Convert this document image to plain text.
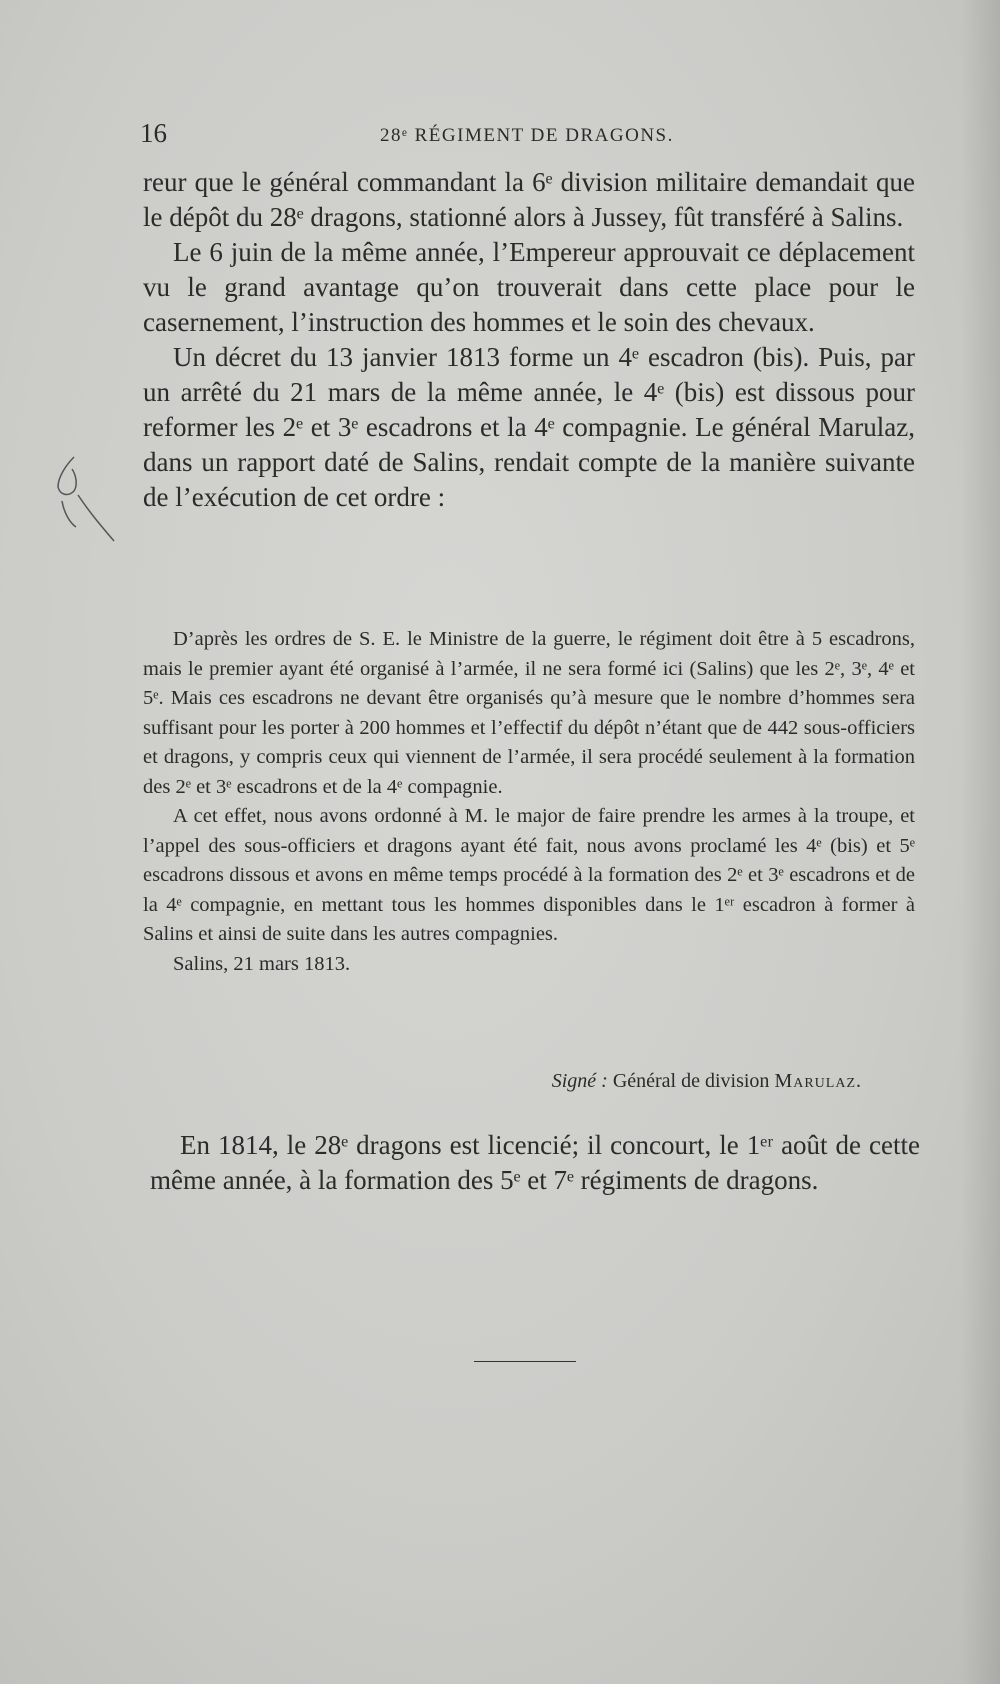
16	28ᵉ RÉGIMENT DE DRAGONS.

reur que le général commandant la 6ᵉ division militaire demandait que le dépôt du 28ᵉ dragons, stationné alors à Jussey, fût transféré à Salins.

Le 6 juin de la même année, l’Empereur approuvait ce déplacement vu le grand avantage qu’on trouverait dans cette place pour le casernement, l’instruction des hommes et le soin des chevaux.

Un décret du 13 janvier 1813 forme un 4ᵉ escadron (bis). Puis, par un arrêté du 21 mars de la même année, le 4ᵉ (bis) est dissous pour reformer les 2ᵉ et 3ᵉ escadrons et la 4ᵉ compagnie. Le général Marulaz, dans un rapport daté de Salins, rendait compte de la manière suivante de l’exécution de cet ordre :

D’après les ordres de S. E. le Ministre de la guerre, le régiment doit être à 5 escadrons, mais le premier ayant été organisé à l’armée, il ne sera formé ici (Salins) que les 2ᵉ, 3ᵉ, 4ᵉ et 5ᵉ. Mais ces escadrons ne devant être organisés qu’à mesure que le nombre d’hommes sera suffisant pour les porter à 200 hommes et l’effectif du dépôt n’étant que de 442 sous-officiers et dragons, y compris ceux qui viennent de l’armée, il sera procédé seulement à la formation des 2ᵉ et 3ᵉ escadrons et de la 4ᵉ compagnie.

A cet effet, nous avons ordonné à M. le major de faire prendre les armes à la troupe, et l’appel des sous-officiers et dragons ayant été fait, nous avons proclamé les 4ᵉ (bis) et 5ᵉ escadrons dissous et avons en même temps procédé à la formation des 2ᵉ et 3ᵉ escadrons et de la 4ᵉ compagnie, en mettant tous les hommes disponibles dans le 1ᵉʳ escadron à former à Salins et ainsi de suite dans les autres compagnies.

Salins, 21 mars 1813.

Signé : Général de division Marulaz.

En 1814, le 28ᵉ dragons est licencié; il concourt, le 1ᵉʳ août de cette même année, à la formation des 5ᵉ et 7ᵉ régiments de dragons.
